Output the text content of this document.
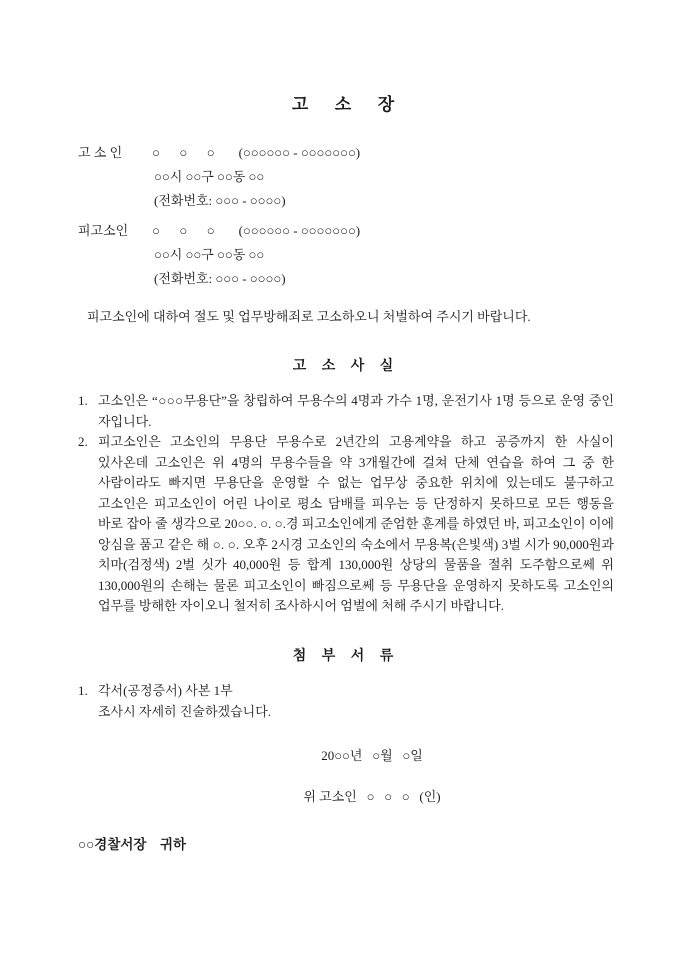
고  소  장
고 소 인	○      ○      ○ (○○○○○○ - ○○○○○○○)
○○시 ○○구 ○○동 ○○
(전화번호: ○○○ - ○○○○)
피고소인	○      ○      ○ (○○○○○○ - ○○○○○○○)
○○시 ○○구 ○○동 ○○
(전화번호: ○○○ - ○○○○)

피고소인에 대하여 절도 및 업무방해죄로 고소하오니 처벌하여 주시기 바랍니다.

고 소 사 실
1. 고소인은 “○○○무용단”을 창립하여 무용수의 4명과 가수 1명, 운전기사 1명 등으로 운영 중인 자입니다.
2. 피고소인은 고소인의 무용단 무용수로 2년간의 고용계약을 하고 공증까지 한 사실이 있사온데 고소인은 위 4명의 무용수들을 약 3개월간에 걸쳐 단체 연습을 하여 그 중 한 사람이라도 빠지면 무용단을 운영할 수 없는 업무상 중요한 위치에 있는데도 불구하고 고소인은 피고소인이 어린 나이로 평소 담배를 피우는 등 단정하지 못하므로 모든 행동을 바로 잡아 줄 생각으로 20○○. ○. ○.경 피고소인에게 준엄한 훈계를 하였던 바, 피고소인이 이에 앙심을 품고 같은 해 ○. ○. 오후 2시경 고소인의 숙소에서 무용복(은빛색) 3벌 시가 90,000원과 치마(검정색) 2벌 싯가 40,000원 등 합계 130,000원 상당의 물품을 절취 도주함으로쎄 위 130,000원의 손해는 물론 피고소인이 빠짐으로쎄 등 무용단을 운영하지 못하도록 고소인의 업무를 방해한 자이오니 철저히 조사하시어 엄벌에 처해 주시기 바랍니다.
첨 부 서 류
1. 각서(공정증서) 사본 1부
조사시 자세히 진술하겠습니다.
20○○년   ○월   ○일
위 고소인   ○   ○   ○   (인)
○○경찰서장    귀하
